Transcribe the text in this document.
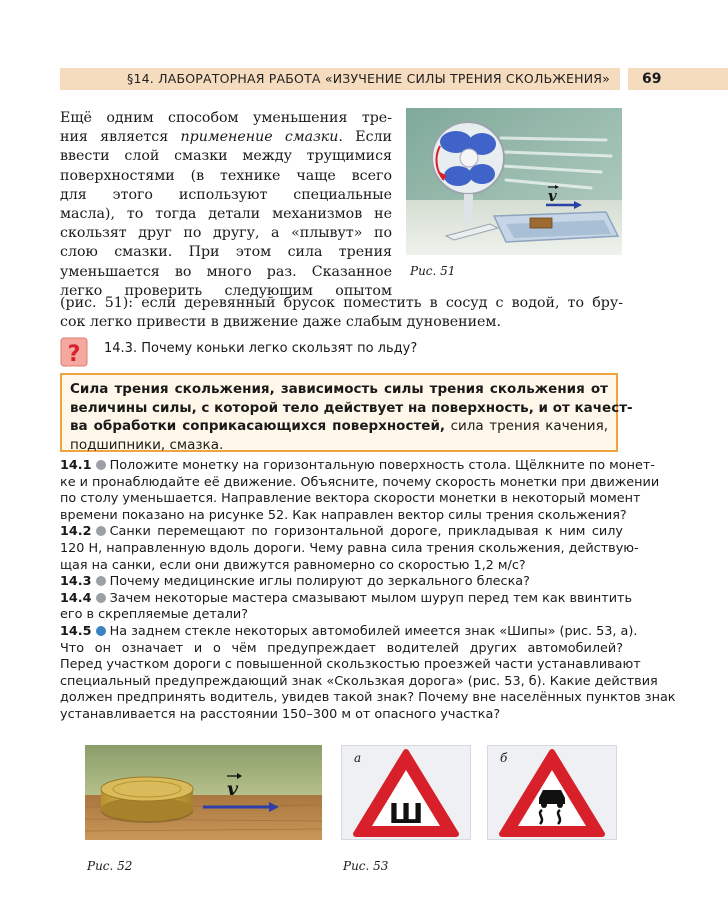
§14. ЛАБОРАТОРНАЯ РАБОТА «ИЗУЧЕНИЕ СИЛЫ ТРЕНИЯ СКОЛЬЖЕНИЯ»	69
Ещё одним способом уменьшения тре-
ния является применение смазки. Если
ввести слой смазки между трущимися
поверхностями (в технике чаще всего
для этого используют специальные
масла), то тогда детали механизмов не
скользят друг по другу, а «плывут» по
слою смазки. При этом сила трения
уменьшается во много раз. Сказанное
легко проверить следующим опытом
v
Рис. 51
(рис. 51): если деревянный брусок поместить в сосуд с водой, то бру-
сок легко привести в движение даже слабым дуновением.
? 14.3. Почему коньки легко скользят по льду?
Сила трения скольжения, зависимость силы трения скольжения от
величины силы, с которой тело действует на поверхность, и от качест-
ва обработки соприкасающихся поверхностей, сила трения качения,
подшипники, смазка.
14.1 Положите монетку на горизонтальную поверхность стола. Щёлкните по монет-
ке и пронаблюдайте её движение. Объясните, почему скорость монетки при движении
по столу уменьшается. Направление вектора скорости монетки в некоторый момент
времени показано на рисунке 52. Как направлен вектор силы трения скольжения?
14.2 Санки перемещают по горизонтальной дороге, прикладывая к ним силу
120 Н, направленную вдоль дороги. Чему равна сила трения скольжения, действую-
щая на санки, если они движутся равномерно со скоростью 1,2 м/с?
14.3 Почему медицинские иглы полируют до зеркального блеска?
14.4 Зачем некоторые мастера смазывают мылом шуруп перед тем как ввинтить
его в скрепляемые детали?
14.5 На заднем стекле некоторых автомобилей имеется знак «Шипы» (рис. 53, а).
Что он означает и о чём предупреждает водителей других автомобилей?
Перед участком дороги с повышенной скользкостью проезжей части устанавливают
специальный предупреждающий знак «Скользкая дорога» (рис. 53, б). Какие действия
должен предпринять водитель, увидев такой знак? Почему вне населённых пунктов знак
устанавливается на расстоянии 150–300 м от опасного участка?
v
Рис. 52
а
Ш
б
Рис. 53
